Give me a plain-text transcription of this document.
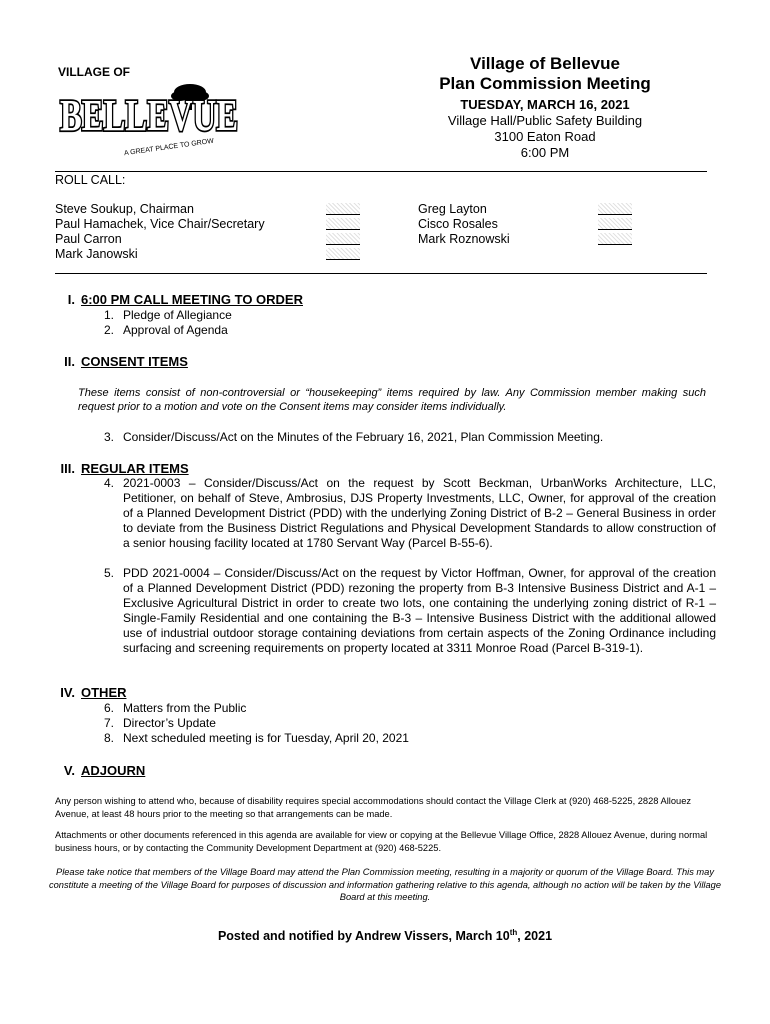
VILLAGE OF
BELLEVUE
A GREAT PLACE TO GROW
Village of Bellevue
Plan Commission Meeting
TUESDAY, MARCH 16, 2021
Village Hall/Public Safety Building
3100 Eaton Road
6:00 PM
ROLL CALL:
Steve Soukup, Chairman
Paul Hamachek, Vice Chair/Secretary
Paul Carron
Mark Janowski
Greg Layton
Cisco Rosales
Mark Roznowski
I. 6:00 PM CALL MEETING TO ORDER
1. Pledge of Allegiance
2. Approval of Agenda
II. CONSENT ITEMS
These items consist of non-controversial or “housekeeping” items required by law. Any Commission member making such request prior to a motion and vote on the Consent items may consider items individually.
3. Consider/Discuss/Act on the Minutes of the February 16, 2021, Plan Commission Meeting.
III. REGULAR ITEMS
4. 2021-0003 – Consider/Discuss/Act on the request by Scott Beckman, UrbanWorks Architecture, LLC, Petitioner, on behalf of Steve, Ambrosius, DJS Property Investments, LLC, Owner, for approval of the creation of a Planned Development District (PDD) with the underlying Zoning District of B-2 – General Business in order to deviate from the Business District Regulations and Physical Development Standards to allow construction of a senior housing facility located at 1780 Servant Way (Parcel B-55-6).
5. PDD 2021-0004 – Consider/Discuss/Act on the request by Victor Hoffman, Owner, for approval of the creation of a Planned Development District (PDD) rezoning the property from B-3 Intensive Business District and A-1 – Exclusive Agricultural District in order to create two lots, one containing the underlying zoning district of R-1 – Single-Family Residential and one containing the B-3 – Intensive Business District with the additional allowed use of industrial outdoor storage containing deviations from certain aspects of the Zoning Ordinance including surfacing and screening requirements on property located at 3311 Monroe Road (Parcel B-319-1).
IV. OTHER
6. Matters from the Public
7. Director’s Update
8. Next scheduled meeting is for Tuesday, April 20, 2021
V. ADJOURN
Any person wishing to attend who, because of disability requires special accommodations should contact the Village Clerk at (920) 468-5225, 2828 Allouez Avenue, at least 48 hours prior to the meeting so that arrangements can be made.
Attachments or other documents referenced in this agenda are available for view or copying at the Bellevue Village Office, 2828 Allouez Avenue, during normal business hours, or by contacting the Community Development Department at (920) 468-5225.
Please take notice that members of the Village Board may attend the Plan Commission meeting, resulting in a majority or quorum of the Village Board. This may constitute a meeting of the Village Board for purposes of discussion and information gathering relative to this agenda, although no action will be taken by the Village Board at this meeting.
Posted and notified by Andrew Vissers, March 10th, 2021
